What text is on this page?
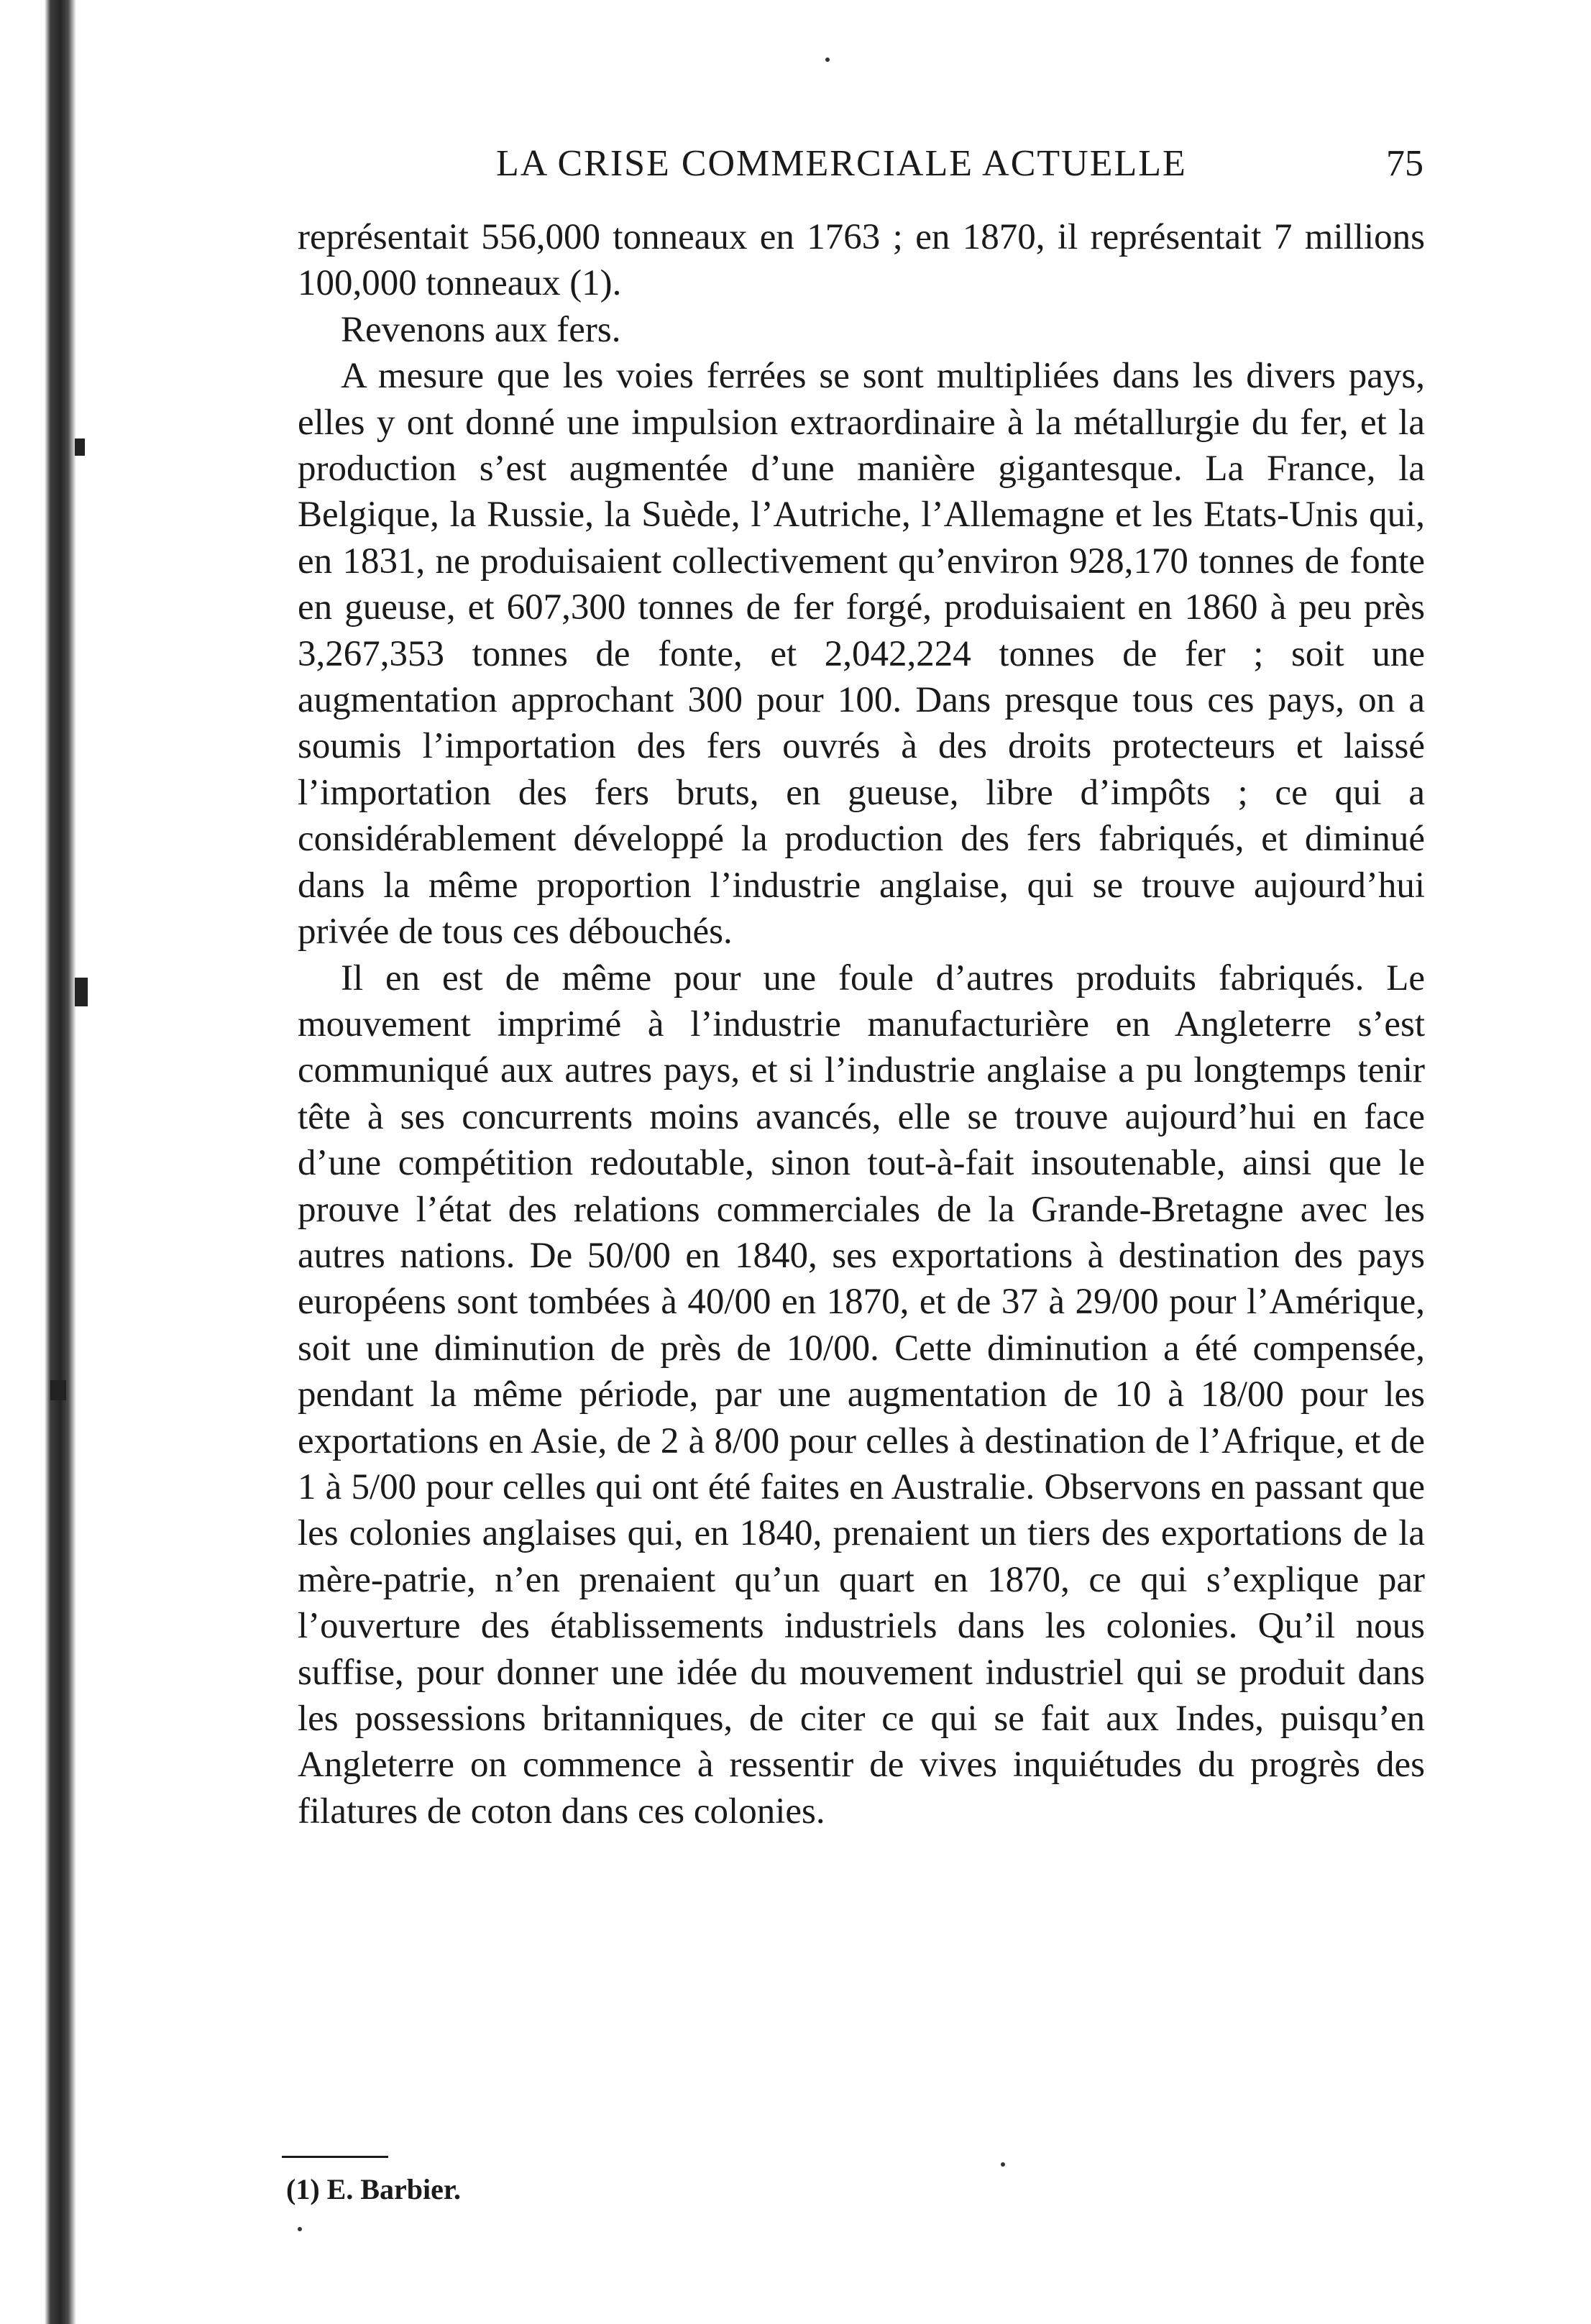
LA CRISE COMMERCIALE ACTUELLE	75

représentait 556,000 tonneaux en 1763 ; en 1870, il représentait 7 millions 100,000 tonneaux (1).

Revenons aux fers.

A mesure que les voies ferrées se sont multipliées dans les divers pays, elles y ont donné une impulsion extraordinaire à la métallurgie du fer, et la production s’est augmentée d’une manière gigantesque. La France, la Belgique, la Russie, la Suède, l’Autriche, l’Allemagne et les Etats-Unis qui, en 1831, ne produisaient collectivement qu’environ 928,170 tonnes de fonte en gueuse, et 607,300 tonnes de fer forgé, produisaient en 1860 à peu près 3,267,353 tonnes de fonte, et 2,042,224 tonnes de fer ; soit une augmentation approchant 300 pour 100. Dans presque tous ces pays, on a soumis l’importation des fers ouvrés à des droits protecteurs et laissé l’importation des fers bruts, en gueuse, libre d’impôts ; ce qui a considérablement développé la production des fers fabriqués, et diminué dans la même proportion l’industrie anglaise, qui se trouve aujourd’hui privée de tous ces débouchés.

Il en est de même pour une foule d’autres produits fabriqués. Le mouvement imprimé à l’industrie manufacturière en Angleterre s’est communiqué aux autres pays, et si l’industrie anglaise a pu longtemps tenir tête à ses concurrents moins avancés, elle se trouve aujourd’hui en face d’une compétition redoutable, sinon tout-à-fait insoutenable, ainsi que le prouve l’état des relations commerciales de la Grande-Bretagne avec les autres nations. De 50/00 en 1840, ses exportations à destination des pays européens sont tombées à 40/00 en 1870, et de 37 à 29/00 pour l’Amérique, soit une diminution de près de 10/00. Cette diminution a été compensée, pendant la même période, par une augmentation de 10 à 18/00 pour les exportations en Asie, de 2 à 8/00 pour celles à destination de l’Afrique, et de 1 à 5/00 pour celles qui ont été faites en Australie. Observons en passant que les colonies anglaises qui, en 1840, prenaient un tiers des exportations de la mère-patrie, n’en prenaient qu’un quart en 1870, ce qui s’explique par l’ouverture des établissements industriels dans les colonies. Qu’il nous suffise, pour donner une idée du mouvement industriel qui se produit dans les possessions britanniques, de citer ce qui se fait aux Indes, puisqu’en Angleterre on commence à ressentir de vives inquiétudes du progrès des filatures de coton dans ces colonies.

(1) E. Barbier.
